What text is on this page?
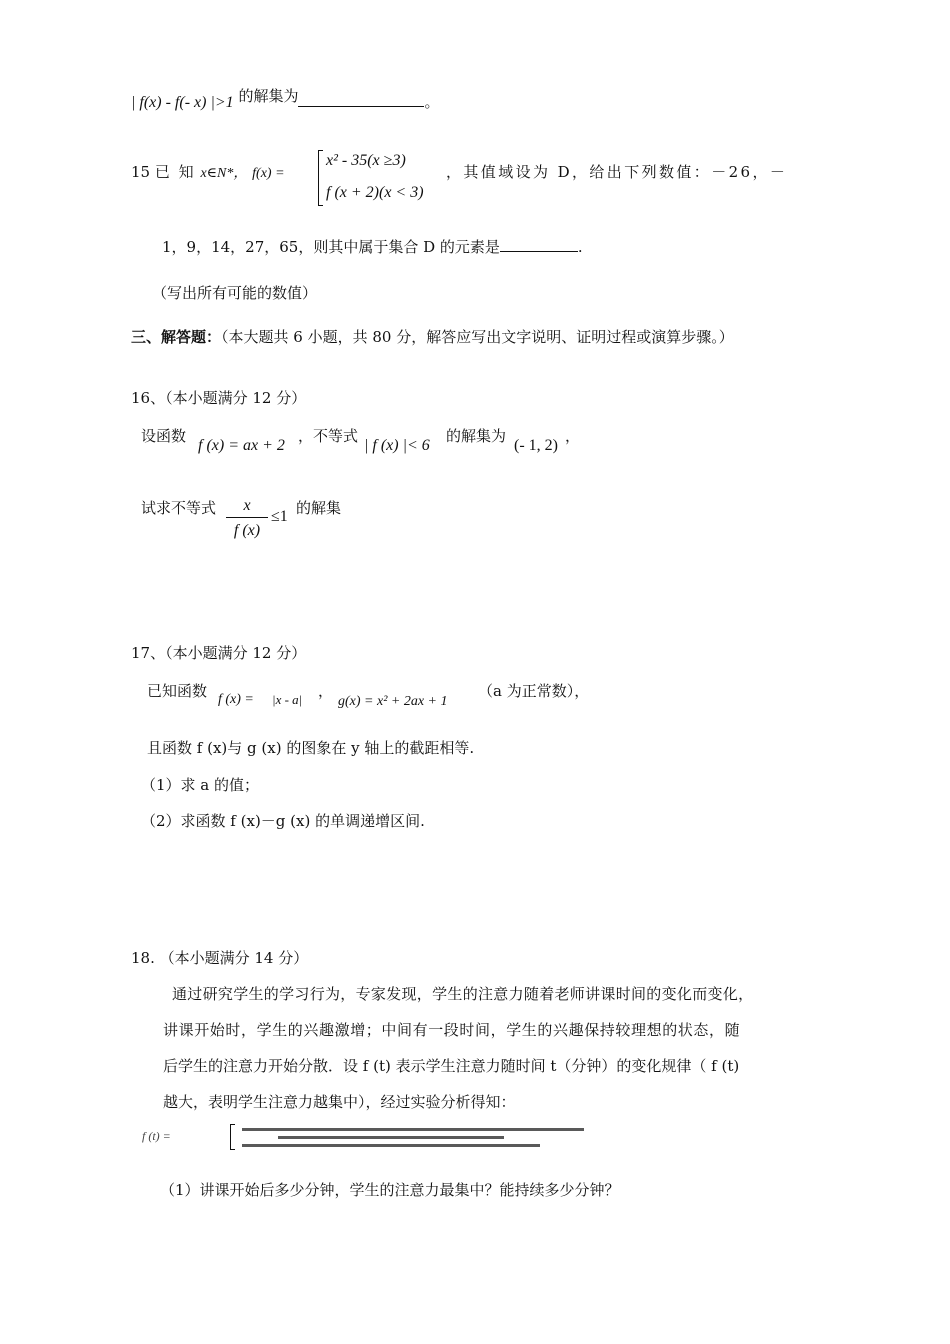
| f(x) - f(- x) |>1 的解集为	。
15 已 知 x∈N*， f(x) =
x² - 35(x ≥3)
f (x + 2)(x < 3)
，其值域设为 D，给出下列数值：－26，－
1，9，14，27，65，则其中属于集合 D 的元素是	.
（写出所有可能的数值）
三、解答题：（本大题共 6 小题，共 80 分，解答应写出文字说明、证明过程或演算步骤。）
16、（本小题满分 12 分）
设函数
f (x) = ax + 2
，不等式
| f (x) |< 6
的解集为
(- 1, 2)
，
试求不等式	x
f (x)
≤1 的解集
17、（本小题满分 12 分）
已知函数 f (x) = |x - a| ，
g(x) = x² + 2ax + 1
（a 为正常数），
且函数 f (x)与 g (x) 的图象在 y 轴上的截距相等.
（1）求 a 的值；
（2）求函数 f (x)－g (x) 的单调递增区间.
18. （本小题满分 14 分）
通过研究学生的学习行为，专家发现，学生的注意力随着老师讲课时间的变化而变化，
讲课开始时，学生的兴趣激增；中间有一段时间，学生的兴趣保持较理想的状态，随
后学生的注意力开始分散．设 f (t) 表示学生注意力随时间 t（分钟）的变化规律（ f (t)
越大，表明学生注意力越集中），经过实验分析得知：
f (t) =
（1）讲课开始后多少分钟，学生的注意力最集中？能持续多少分钟？
